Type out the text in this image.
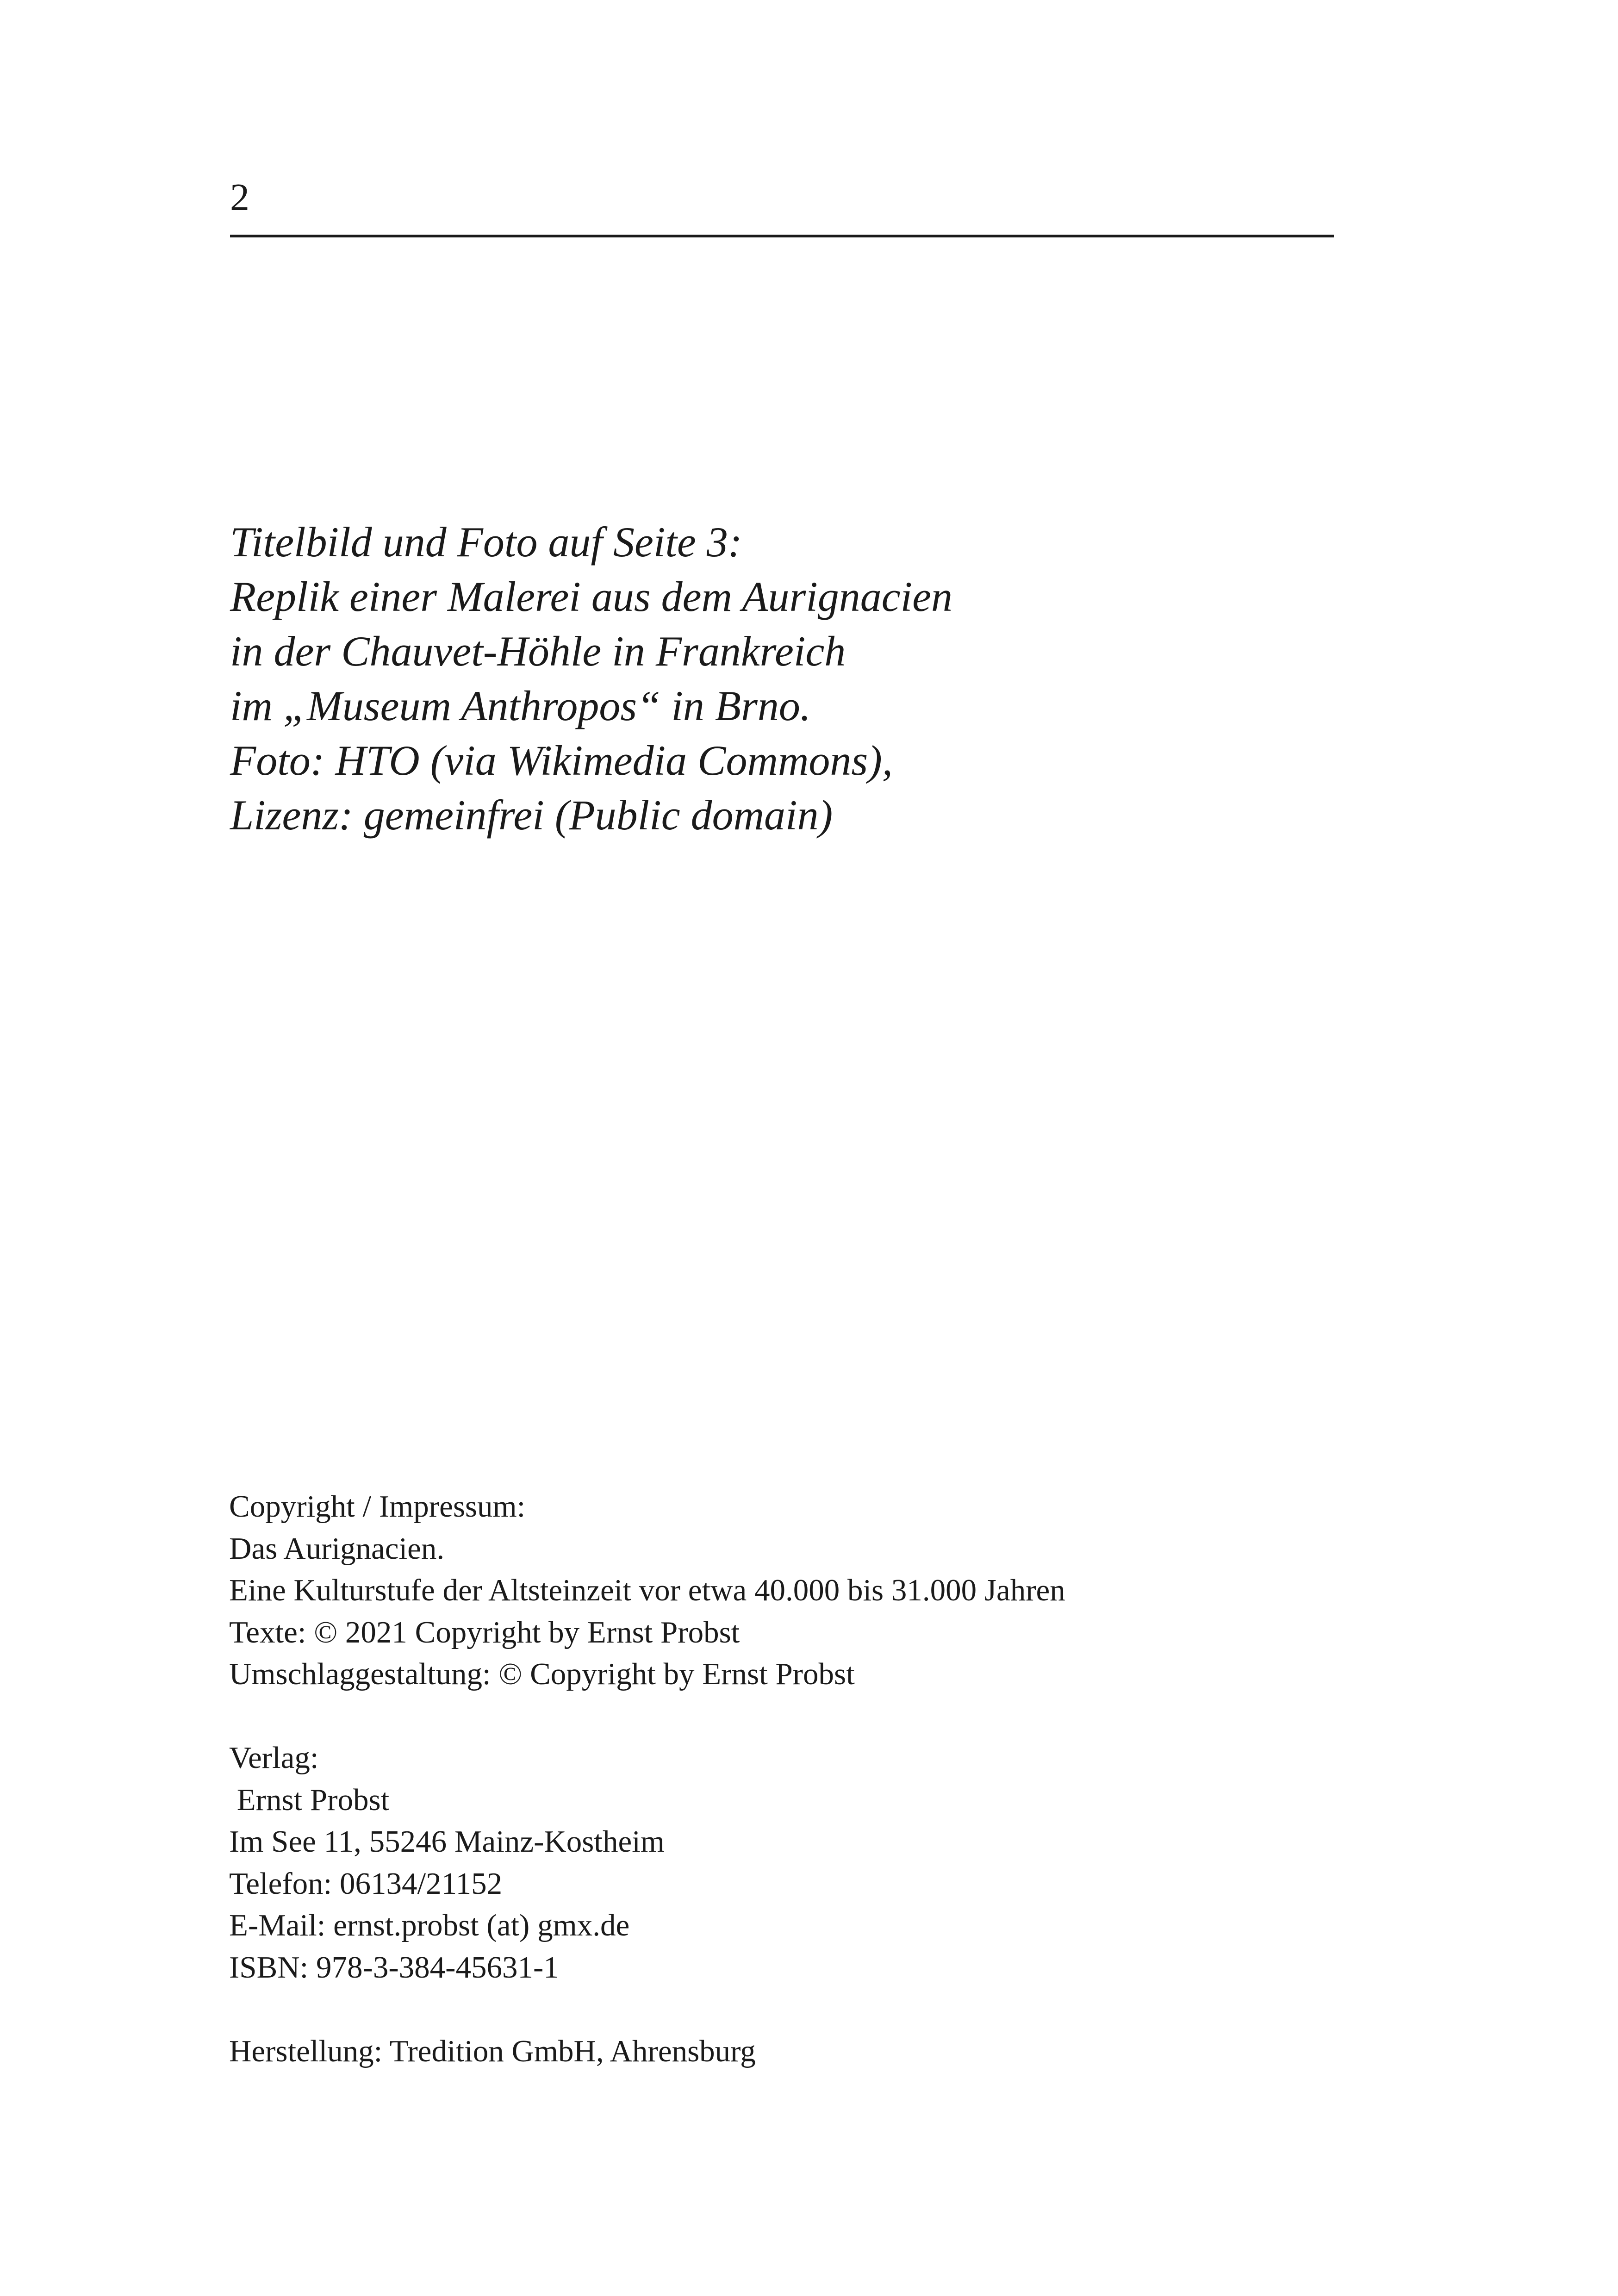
2
Titelbild und Foto auf Seite 3:
Replik einer Malerei aus dem Aurignacien
in der Chauvet-Höhle in Frankreich
im „Museum Anthropos“ in Brno.
Foto: HTO (via Wikimedia Commons),
Lizenz: gemeinfrei (Public domain)
Copyright / Impressum:
Das Aurignacien.
Eine Kulturstufe der Altsteinzeit vor etwa 40.000 bis 31.000 Jahren
Texte: © 2021 Copyright by Ernst Probst
Umschlaggestaltung: © Copyright by Ernst Probst
Verlag:
Ernst Probst
Im See 11, 55246 Mainz-Kostheim
Telefon: 06134/21152
E-Mail: ernst.probst (at) gmx.de
ISBN: 978-3-384-45631-1
Herstellung: Tredition GmbH, Ahrensburg
